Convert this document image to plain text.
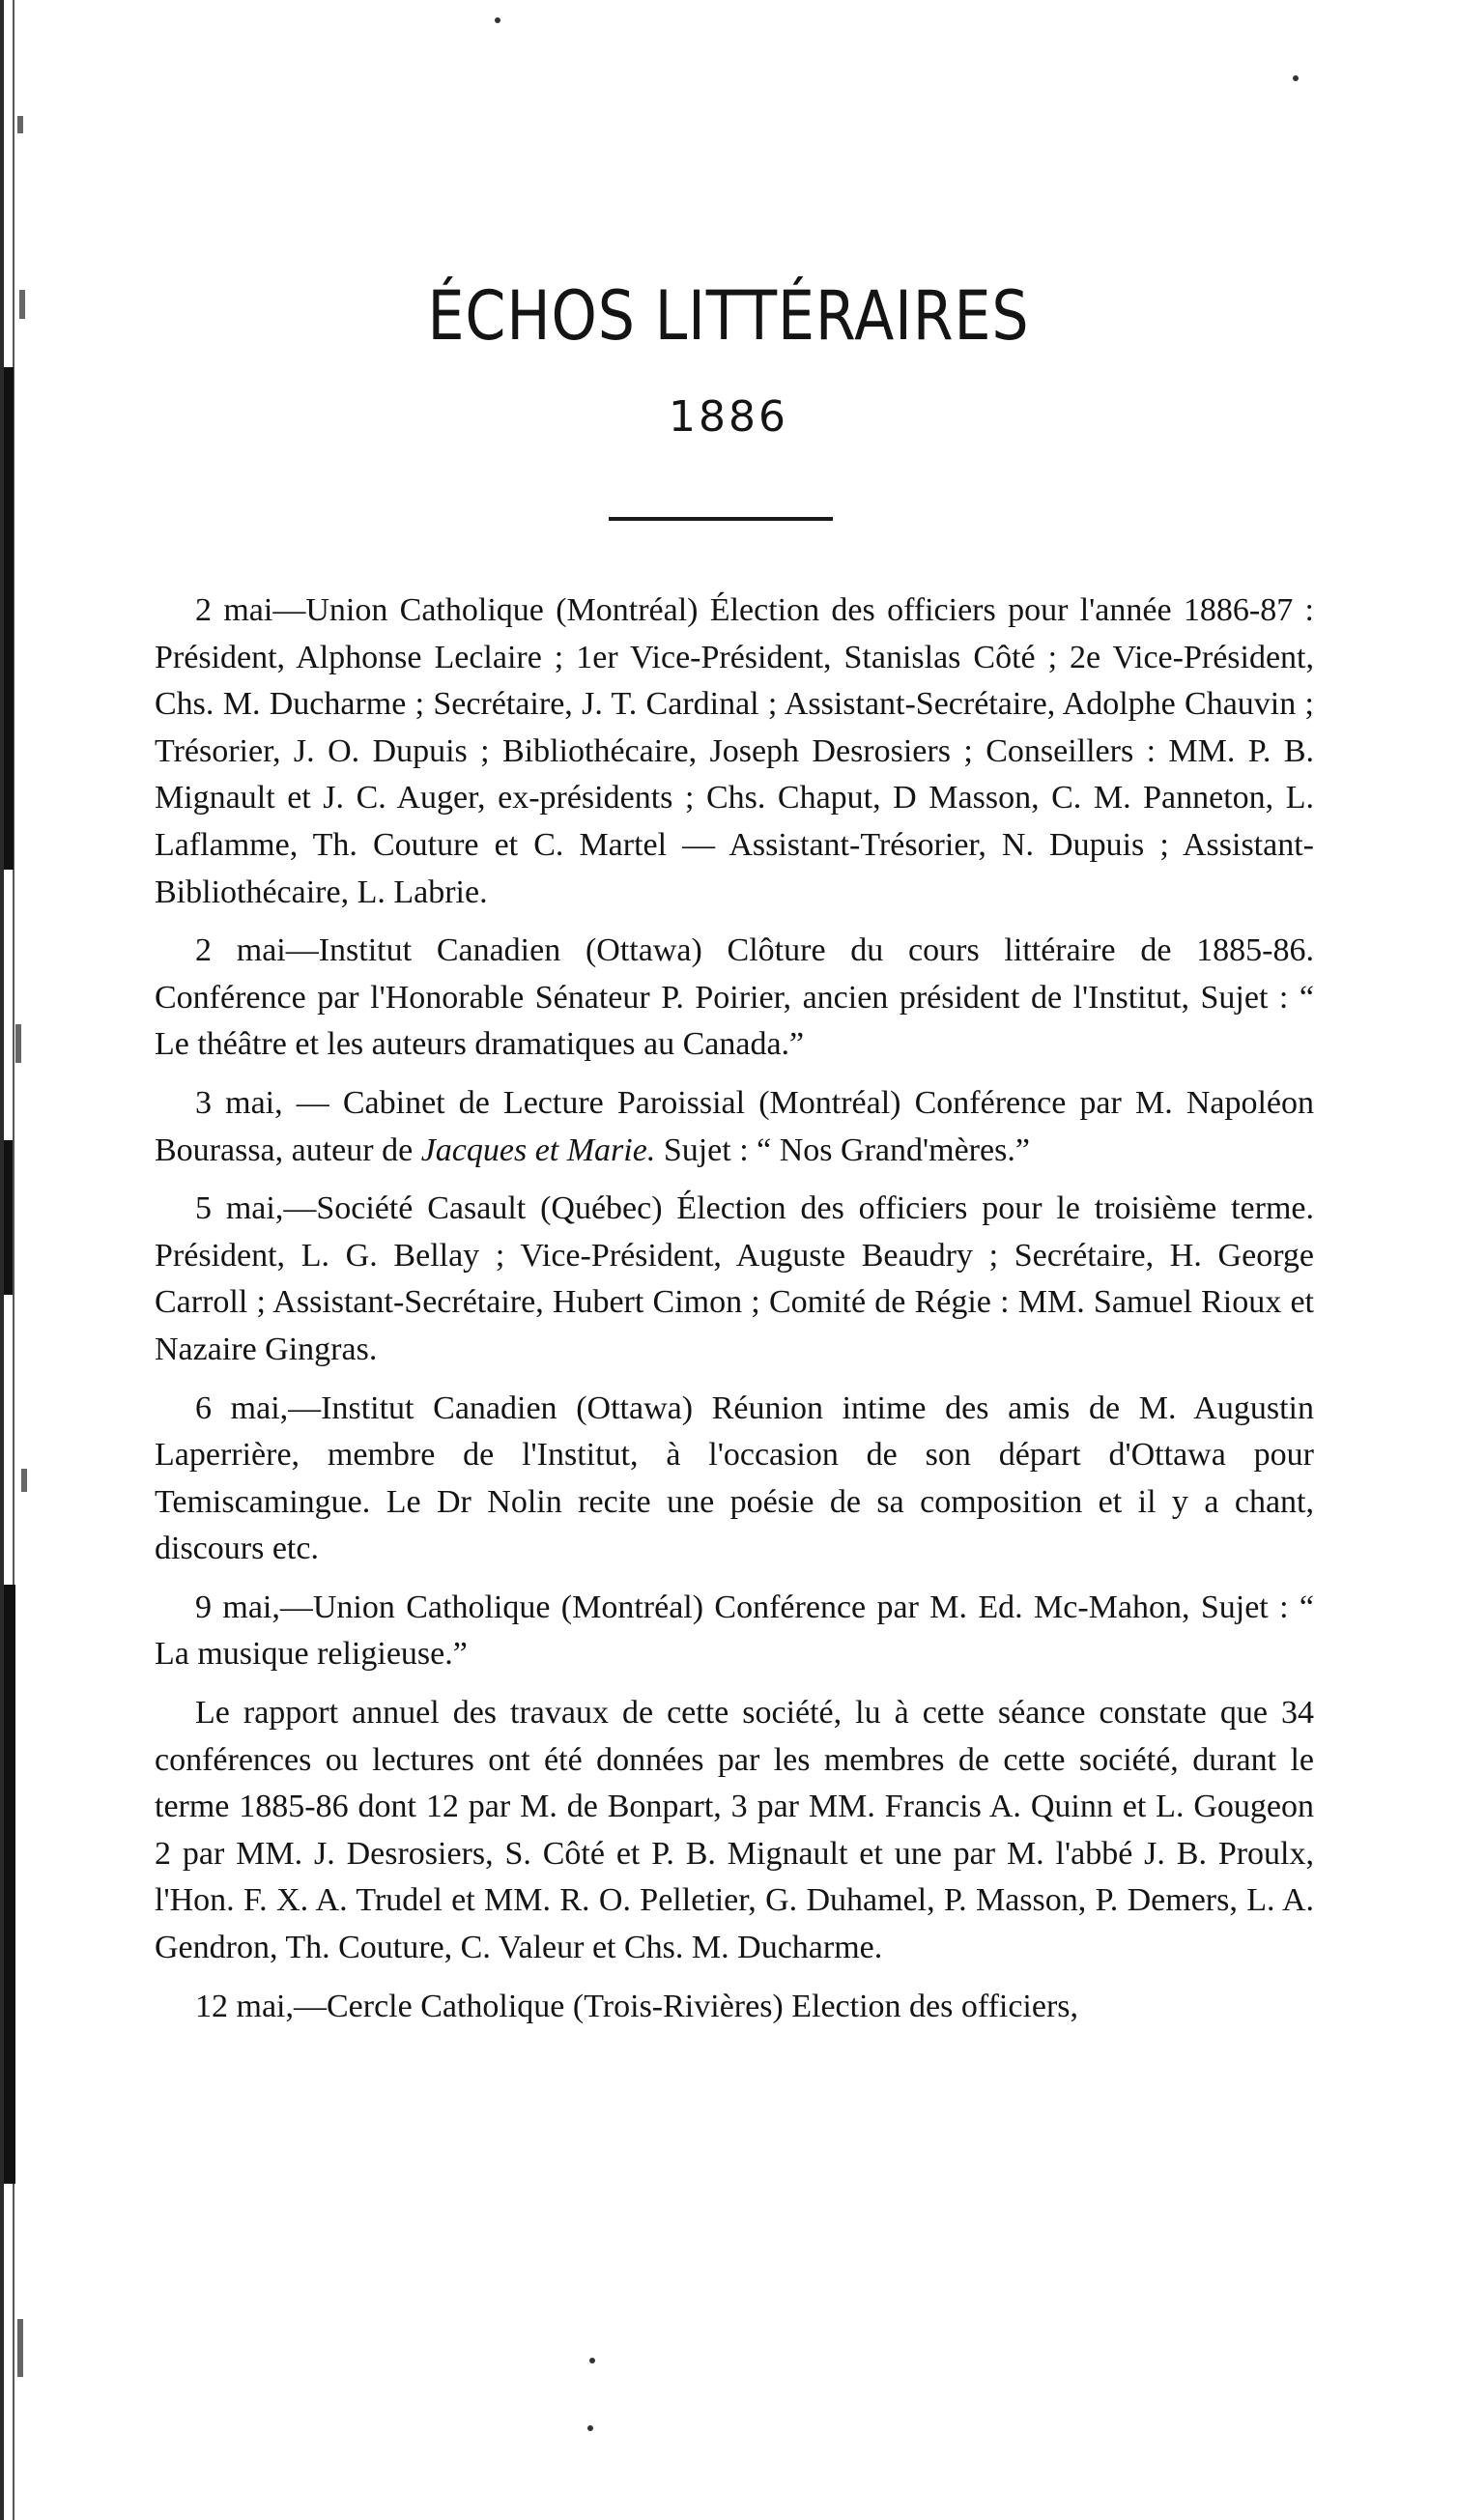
ÉCHOS LITTÉRAIRES
1886

2 mai—Union Catholique (Montréal) Élection des officiers pour l'année 1886-87 : Président, Alphonse Leclaire ; 1er Vice-Président, Stanislas Côté ; 2e Vice-Président, Chs. M. Ducharme ; Secrétaire, J. T. Cardinal ; Assistant-Secrétaire, Adolphe Chauvin ; Trésorier, J. O. Dupuis ; Bibliothécaire, Joseph Desrosiers ; Conseillers : MM. P. B. Mignault et J. C. Auger, ex-présidents ; Chs. Chaput, D Masson, C. M. Panneton, L. Laflamme, Th. Couture et C. Martel — Assistant-Trésorier, N. Dupuis ; Assistant-Bibliothécaire, L. Labrie.

2 mai—Institut Canadien (Ottawa) Clôture du cours littéraire de 1885-86. Conférence par l'Honorable Sénateur P. Poirier, ancien président de l'Institut, Sujet : “ Le théâtre et les auteurs dramatiques au Canada.”

3 mai, — Cabinet de Lecture Paroissial (Montréal) Conférence par M. Napoléon Bourassa, auteur de Jacques et Marie. Sujet : “ Nos Grand'mères.”

5 mai,—Société Casault (Québec) Élection des officiers pour le troisième terme. Président, L. G. Bellay ; Vice-Président, Auguste Beaudry ; Secrétaire, H. George Carroll ; Assistant-Secrétaire, Hubert Cimon ; Comité de Régie : MM. Samuel Rioux et Nazaire Gingras.

6 mai,—Institut Canadien (Ottawa) Réunion intime des amis de M. Augustin Laperrière, membre de l'Institut, à l'occasion de son départ d'Ottawa pour Temiscamingue. Le Dr Nolin recite une poésie de sa composition et il y a chant, discours etc.

9 mai,—Union Catholique (Montréal) Conférence par M. Ed. Mc-Mahon, Sujet : “ La musique religieuse.”

Le rapport annuel des travaux de cette société, lu à cette séance constate que 34 conférences ou lectures ont été données par les membres de cette société, durant le terme 1885-86 dont 12 par M. de Bonpart, 3 par MM. Francis A. Quinn et L. Gougeon 2 par MM. J. Desrosiers, S. Côté et P. B. Mignault et une par M. l'abbé J. B. Proulx, l'Hon. F. X. A. Trudel et MM. R. O. Pelletier, G. Duhamel, P. Masson, P. Demers, L. A. Gendron, Th. Couture, C. Valeur et Chs. M. Ducharme.

12 mai,—Cercle Catholique (Trois-Rivières) Election des officiers,
